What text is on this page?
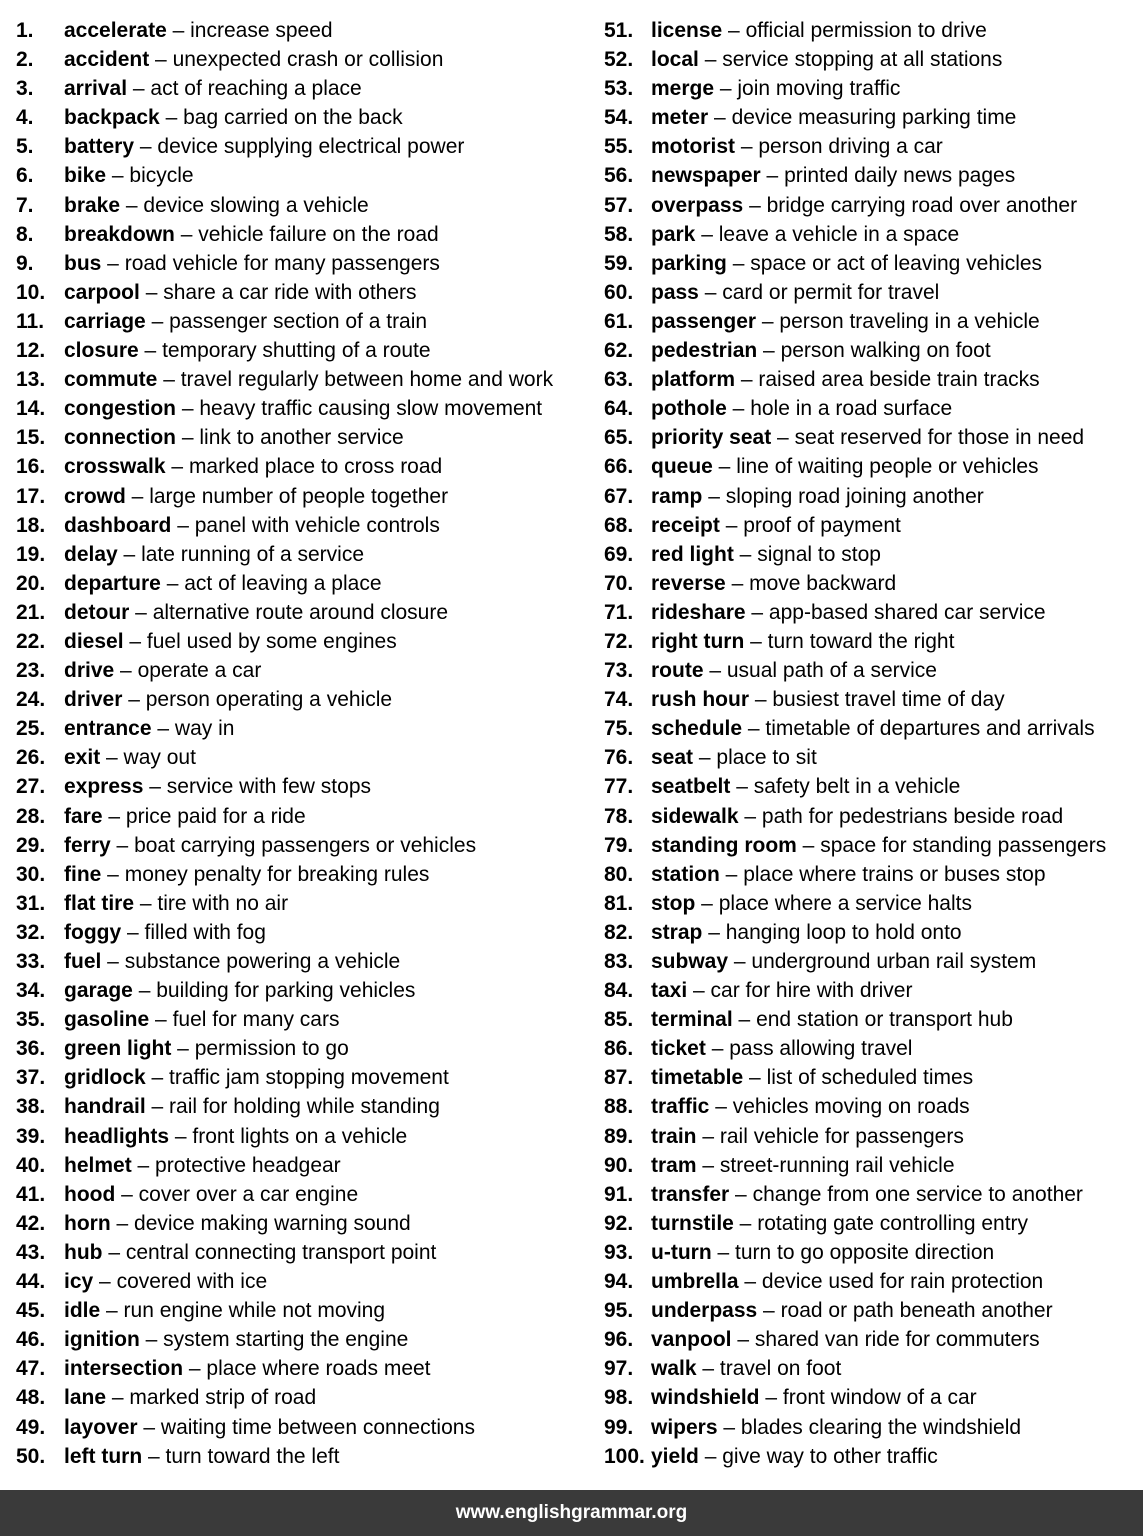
1. accelerate – increase speed
2. accident – unexpected crash or collision
3. arrival – act of reaching a place
4. backpack – bag carried on the back
5. battery – device supplying electrical power
6. bike – bicycle
7. brake – device slowing a vehicle
8. breakdown – vehicle failure on the road
9. bus – road vehicle for many passengers
10. carpool – share a car ride with others
11. carriage – passenger section of a train
12. closure – temporary shutting of a route
13. commute – travel regularly between home and work
14. congestion – heavy traffic causing slow movement
15. connection – link to another service
16. crosswalk – marked place to cross road
17. crowd – large number of people together
18. dashboard – panel with vehicle controls
19. delay – late running of a service
20. departure – act of leaving a place
21. detour – alternative route around closure
22. diesel – fuel used by some engines
23. drive – operate a car
24. driver – person operating a vehicle
25. entrance – way in
26. exit – way out
27. express – service with few stops
28. fare – price paid for a ride
29. ferry – boat carrying passengers or vehicles
30. fine – money penalty for breaking rules
31. flat tire – tire with no air
32. foggy – filled with fog
33. fuel – substance powering a vehicle
34. garage – building for parking vehicles
35. gasoline – fuel for many cars
36. green light – permission to go
37. gridlock – traffic jam stopping movement
38. handrail – rail for holding while standing
39. headlights – front lights on a vehicle
40. helmet – protective headgear
41. hood – cover over a car engine
42. horn – device making warning sound
43. hub – central connecting transport point
44. icy – covered with ice
45. idle – run engine while not moving
46. ignition – system starting the engine
47. intersection – place where roads meet
48. lane – marked strip of road
49. layover – waiting time between connections
50. left turn – turn toward the left
51. license – official permission to drive
52. local – service stopping at all stations
53. merge – join moving traffic
54. meter – device measuring parking time
55. motorist – person driving a car
56. newspaper – printed daily news pages
57. overpass – bridge carrying road over another
58. park – leave a vehicle in a space
59. parking – space or act of leaving vehicles
60. pass – card or permit for travel
61. passenger – person traveling in a vehicle
62. pedestrian – person walking on foot
63. platform – raised area beside train tracks
64. pothole – hole in a road surface
65. priority seat – seat reserved for those in need
66. queue – line of waiting people or vehicles
67. ramp – sloping road joining another
68. receipt – proof of payment
69. red light – signal to stop
70. reverse – move backward
71. rideshare – app-based shared car service
72. right turn – turn toward the right
73. route – usual path of a service
74. rush hour – busiest travel time of day
75. schedule – timetable of departures and arrivals
76. seat – place to sit
77. seatbelt – safety belt in a vehicle
78. sidewalk – path for pedestrians beside road
79. standing room – space for standing passengers
80. station – place where trains or buses stop
81. stop – place where a service halts
82. strap – hanging loop to hold onto
83. subway – underground urban rail system
84. taxi – car for hire with driver
85. terminal – end station or transport hub
86. ticket – pass allowing travel
87. timetable – list of scheduled times
88. traffic – vehicles moving on roads
89. train – rail vehicle for passengers
90. tram – street-running rail vehicle
91. transfer – change from one service to another
92. turnstile – rotating gate controlling entry
93. u-turn – turn to go opposite direction
94. umbrella – device used for rain protection
95. underpass – road or path beneath another
96. vanpool – shared van ride for commuters
97. walk – travel on foot
98. windshield – front window of a car
99. wipers – blades clearing the windshield
100. yield – give way to other traffic
www.englishgrammar.org
